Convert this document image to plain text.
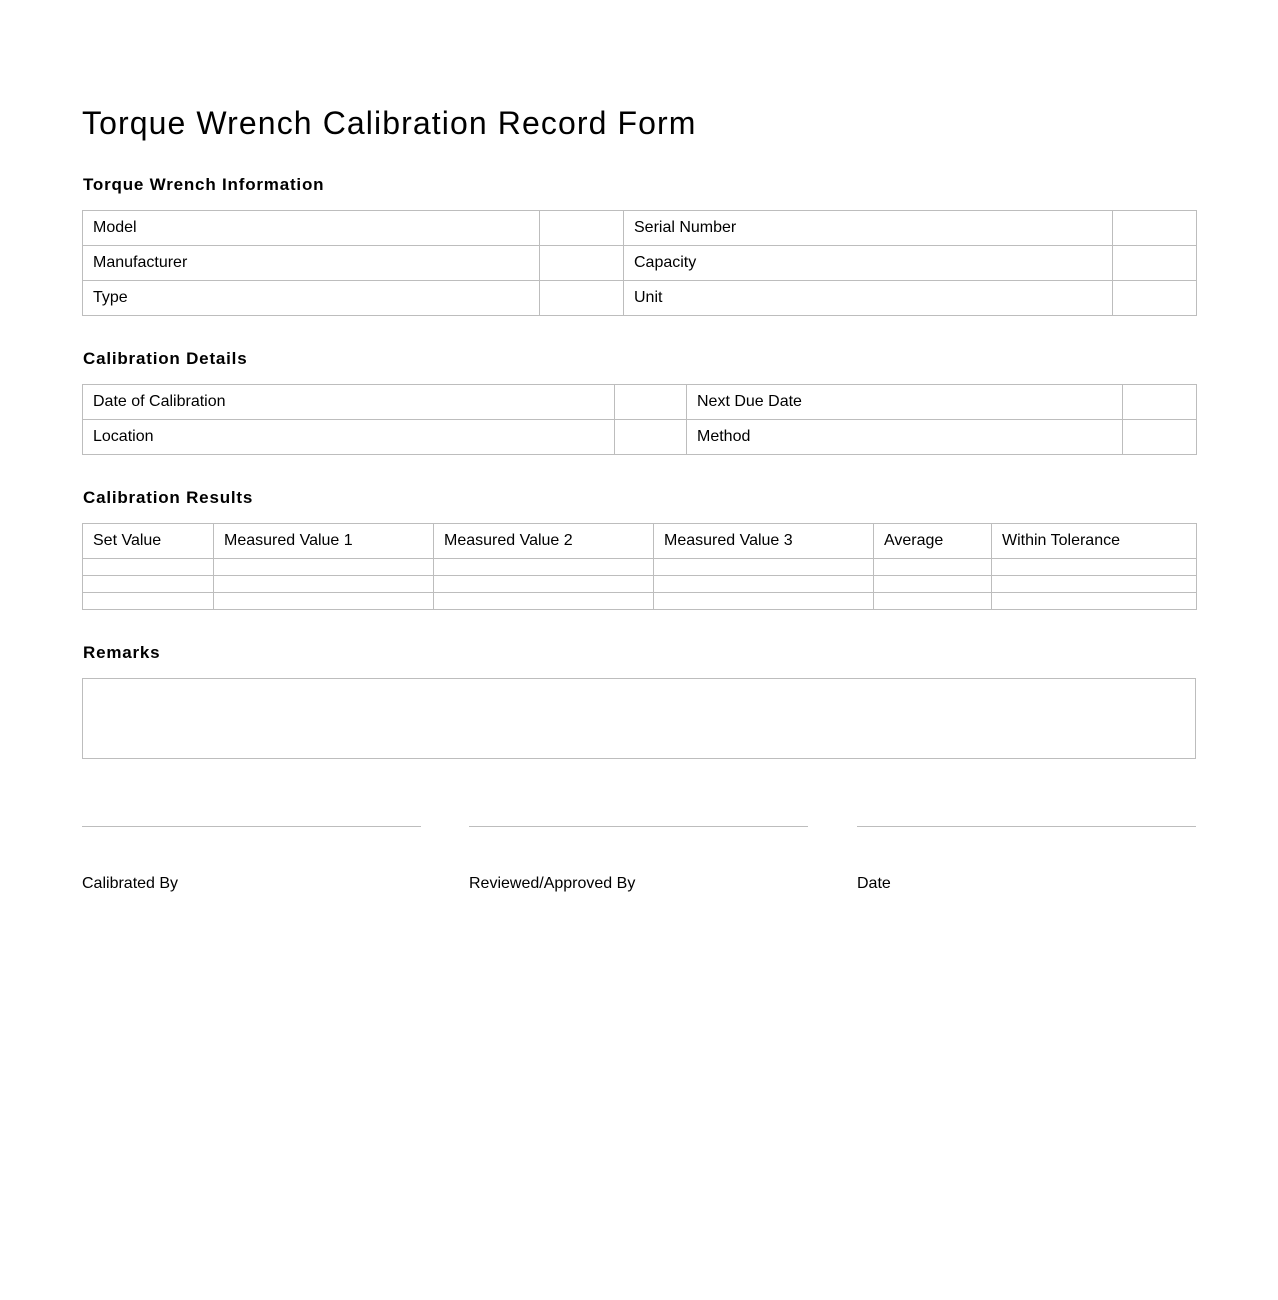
Torque Wrench Calibration Record Form
Torque Wrench Information
Model		Serial Number	
Manufacturer		Capacity	
Type		Unit	
Calibration Details
Date of Calibration		Next Due Date	
Location		Method	
Calibration Results
Set Value	Measured Value 1	Measured Value 2	Measured Value 3	Average	Within Tolerance

Remarks
Calibrated By	Reviewed/Approved By	Date
